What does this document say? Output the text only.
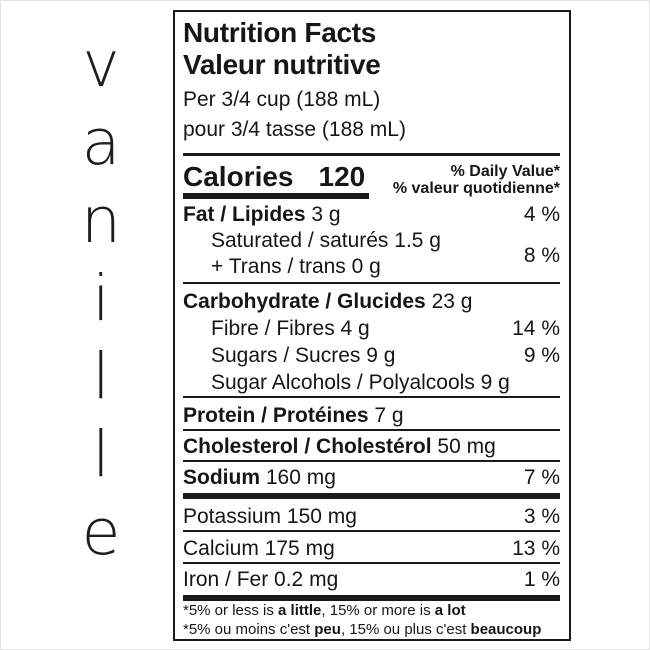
v
a
n
i
l
l
e
Nutrition Facts
Valeur nutritive
Per 3/4 cup (188 mL)
pour 3/4 tasse (188 mL)
Calories 120	% Daily Value*
% valeur quotidienne*
Fat / Lipides 3 g	4 %
Saturated / saturés 1.5 g
+ Trans / trans 0 g	8 %
Carbohydrate / Glucides 23 g
Fibre / Fibres 4 g	14 %
Sugars / Sucres 9 g	9 %
Sugar Alcohols / Polyalcools 9 g
Protein / Protéines 7 g
Cholesterol / Cholestérol 50 mg
Sodium 160 mg	7 %
Potassium 150 mg	3 %
Calcium 175 mg	13 %
Iron / Fer 0.2 mg	1 %
*5% or less is a little, 15% or more is a lot
*5% ou moins c'est peu, 15% ou plus c'est beaucoup
